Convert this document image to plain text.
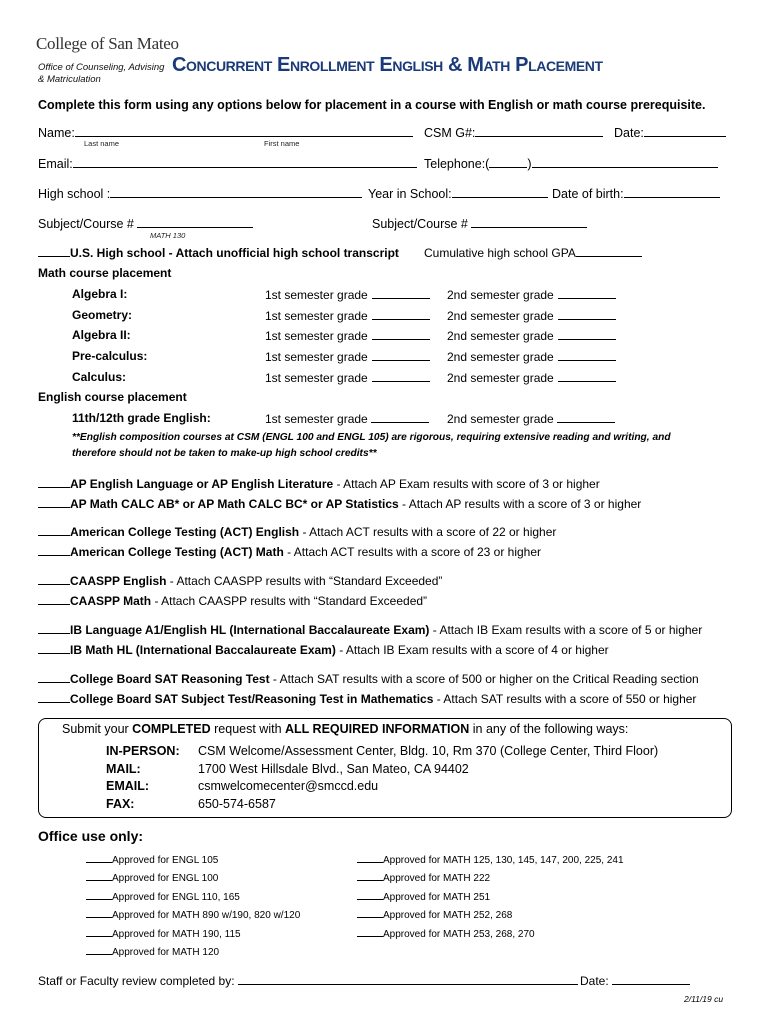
College of San Mateo
Office of Counseling, Advising
& Matriculation
Concurrent Enrollment English & Math Placement
Complete this form using any options below for placement in a course with English or math course prerequisite.
Name:
Last name	First name
CSM G#:	Date:
Email:	Telephone:(	)
High school :	Year in School:	Date of birth:
Subject/Course #
MATH 130
Subject/Course #
U.S. High school - Attach unofficial high school transcript Cumulative high school GPA
Math course placement
Algebra I:	1st semester grade	2nd semester grade
Geometry:	1st semester grade	2nd semester grade
Algebra II:	1st semester grade	2nd semester grade
Pre-calculus:	1st semester grade	2nd semester grade
Calculus:	1st semester grade	2nd semester grade
English course placement
11th/12th grade English:	1st semester grade	2nd semester grade
**English composition courses at CSM (ENGL 100 and ENGL 105) are rigorous, requiring extensive reading and writing, and
therefore should not be taken to make-up high school credits**
AP English Language or AP English Literature - Attach AP Exam results with score of 3 or higher
AP Math CALC AB* or AP Math CALC BC* or AP Statistics - Attach AP results with a score of 3 or higher
American College Testing (ACT) English - Attach ACT results with a score of 22 or higher
American College Testing (ACT) Math - Attach ACT results with a score of 23 or higher
CAASPP English - Attach CAASPP results with “Standard Exceeded”
CAASPP Math - Attach CAASPP results with “Standard Exceeded”
IB Language A1/English HL (International Baccalaureate Exam) - Attach IB Exam results with a score of 5 or higher
IB Math HL (International Baccalaureate Exam) - Attach IB Exam results with a score of 4 or higher
College Board SAT Reasoning Test - Attach SAT results with a score of 500 or higher on the Critical Reading section
College Board SAT Subject Test/Reasoning Test in Mathematics - Attach SAT results with a score of 550 or higher
Submit your COMPLETED request with ALL REQUIRED INFORMATION in any of the following ways:
IN-PERSON: CSM Welcome/Assessment Center, Bldg. 10, Rm 370 (College Center, Third Floor)
MAIL:	1700 West Hillsdale Blvd., San Mateo, CA 94402
EMAIL:	csmwelcomecenter@smccd.edu
FAX:	650-574-6587
Office use only:
Approved for ENGL 105
Approved for ENGL 100
Approved for ENGL 110, 165
Approved for MATH 890 w/190, 820 w/120
Approved for MATH 190, 115
Approved for MATH 120
Approved for MATH 125, 130, 145, 147, 200, 225, 241
Approved for MATH 222
Approved for MATH 251
Approved for MATH 252, 268
Approved for MATH 253, 268, 270
Staff or Faculty review completed by:	Date:
2/11/19 cu
